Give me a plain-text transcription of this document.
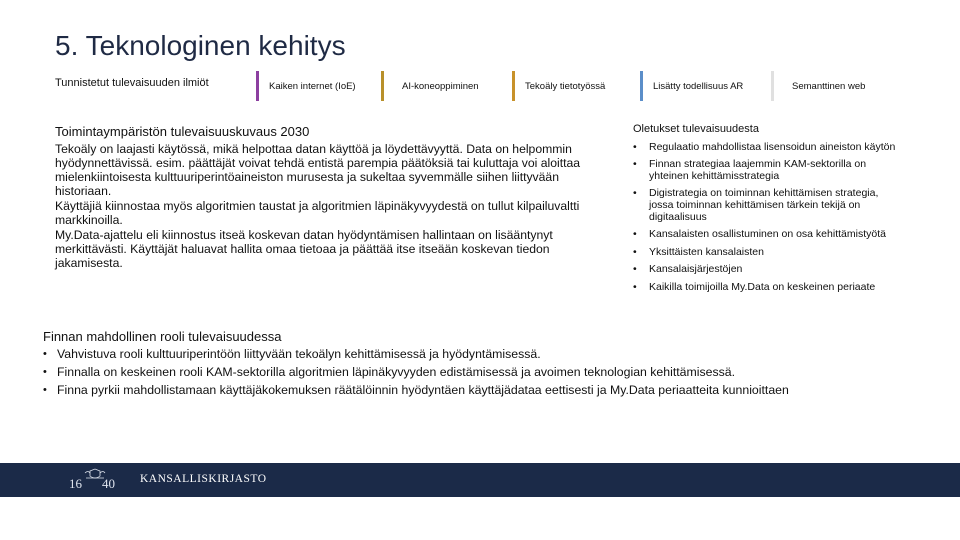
5. Teknologinen kehitys
Tunnistetut tulevaisuuden ilmiöt	Kaiken internet (IoE)	AI-koneoppiminen	Tekoäly tietotyössä	Lisätty todellisuus AR	Semanttinen web
Toimintaympäristön tulevaisuuskuvaus 2030

Tekoäly on laajasti käytössä, mikä helpottaa datan käyttöä ja löydettävyyttä. Data on helpommin hyödynnettävissä. esim. päättäjät voivat tehdä entistä parempia päätöksiä tai kuluttaja voi aloittaa mielenkiintoisesta kulttuuriperintöaineiston murusesta ja sukeltaa syvemmälle siihen liittyvään historiaan.

Käyttäjiä kiinnostaa myös algoritmien taustat ja algoritmien läpinäkyvyydestä on tullut kilpailuvaltti markkinoilla.

My.Data-ajattelu eli kiinnostus itseä koskevan datan hyödyntämisen hallintaan on lisääntynyt merkittävästi. Käyttäjät haluavat hallita omaa tietoaa ja päättää itse itseään koskevan tiedon jakamisesta.

Oletukset tulevaisuudesta
• Regulaatio mahdollistaa lisensoidun aineiston käytön
• Finnan strategiaa laajemmin KAM-sektorilla on yhteinen kehittämisstrategia
• Digistrategia on toiminnan kehittämisen strategia, jossa toiminnan kehittämisen tärkein tekijä on digitaalisuus
• Kansalaisten osallistuminen on osa kehittämistyötä
• Yksittäisten kansalaisten
• Kansalaisjärjestöjen
• Kaikilla toimijoilla My.Data on keskeinen periaate
Finnan mahdollinen rooli tulevaisuudessa
• Vahvistuva rooli kulttuuriperintöön liittyvään tekoälyn kehittämisessä ja hyödyntämisessä.
• Finnalla on keskeinen rooli KAM-sektorilla algoritmien läpinäkyvyyden edistämisessä ja avoimen teknologian kehittämisessä.
• Finna pyrkii mahdollistamaan käyttäjäkokemuksen räätälöinnin hyödyntäen käyttäjädataa eettisesti ja My.Data periaatteita kunnioittaen
16 40 KANSALLISKIRJASTO
